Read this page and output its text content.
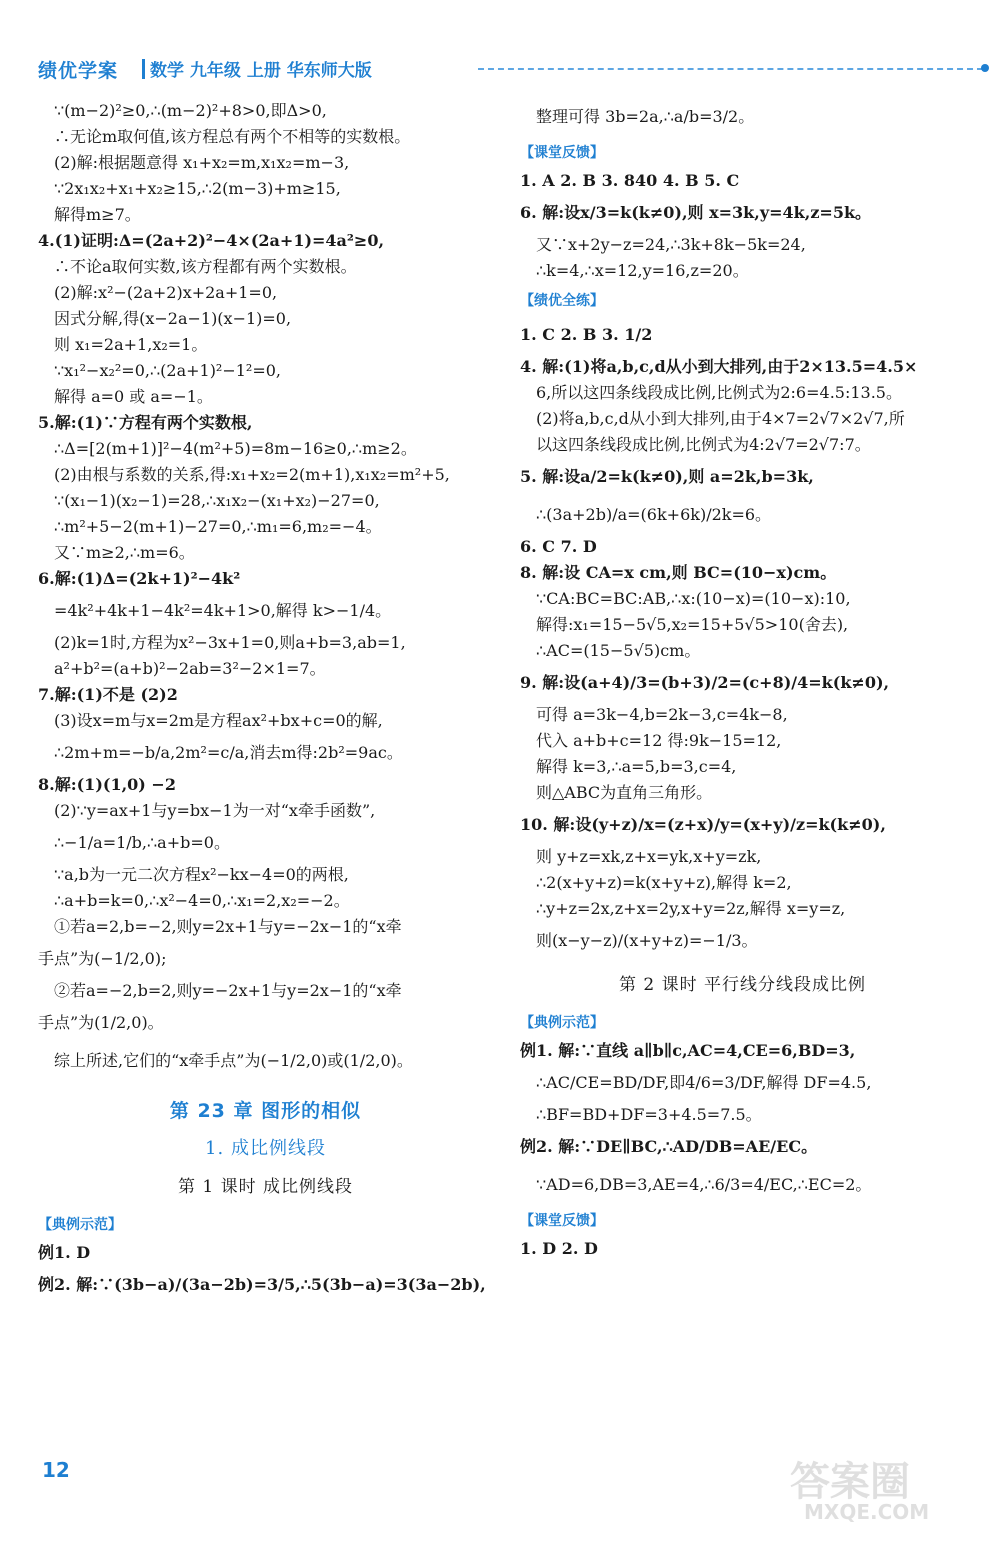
绩优学案 数学 九年级 上册 华东师大版
∵(m−2)²≥0,∴(m−2)²+8>0,即Δ>0,
∴无论m取何值,该方程总有两个不相等的实数根。
(2)解:根据题意得 x₁+x₂=m,x₁x₂=m−3,
∵2x₁x₂+x₁+x₂≥15,∴2(m−3)+m≥15,
解得m≥7。
4.(1)证明:Δ=(2a+2)²−4×(2a+1)=4a²≥0,
∴不论a取何实数,该方程都有两个实数根。
(2)解:x²−(2a+2)x+2a+1=0,
因式分解,得(x−2a−1)(x−1)=0,
则 x₁=2a+1,x₂=1。
∵x₁²−x₂²=0,∴(2a+1)²−1²=0,
解得 a=0 或 a=−1。
5.解:(1)∵方程有两个实数根,
∴Δ=[2(m+1)]²−4(m²+5)=8m−16≥0,∴m≥2。
(2)由根与系数的关系,得:x₁+x₂=2(m+1),x₁x₂=m²+5,
∵(x₁−1)(x₂−1)=28,∴x₁x₂−(x₁+x₂)−27=0,
∴m²+5−2(m+1)−27=0,∴m₁=6,m₂=−4。
又∵m≥2,∴m=6。
6.解:(1)Δ=(2k+1)²−4k²
=4k²+4k+1−4k²=4k+1>0,解得 k>−1/4。
(2)k=1时,方程为x²−3x+1=0,则a+b=3,ab=1,
a²+b²=(a+b)²−2ab=3²−2×1=7。
7.解:(1)不是 (2)2
(3)设x=m与x=2m是方程ax²+bx+c=0的解,
∴2m+m=−b/a,2m²=c/a,消去m得:2b²=9ac。
8.解:(1)(1,0) −2
(2)∵y=ax+1与y=bx−1为一对“x牵手函数”,
∴−1/a=1/b,∴a+b=0。
∵a,b为一元二次方程x²−kx−4=0的两根,
∴a+b=k=0,∴x²−4=0,∴x₁=2,x₂=−2。
①若a=2,b=−2,则y=2x+1与y=−2x−1的“x牵
手点”为(−1/2,0);
②若a=−2,b=2,则y=−2x+1与y=2x−1的“x牵
手点”为(1/2,0)。
综上所述,它们的“x牵手点”为(−1/2,0)或(1/2,0)。
第 23 章 图形的相似
1. 成比例线段
第 1 课时 成比例线段
【典例示范】
例1. D
例2. 解:∵(3b−a)/(3a−2b)=3/5,∴5(3b−a)=3(3a−2b),
整理可得 3b=2a,∴a/b=3/2。
【课堂反馈】
1. A 2. B 3. 840 4. B 5. C
6. 解:设x/3=k(k≠0),则 x=3k,y=4k,z=5k。
又∵x+2y−z=24,∴3k+8k−5k=24,
∴k=4,∴x=12,y=16,z=20。
【绩优全练】
1. C 2. B 3. 1/2
4. 解:(1)将a,b,c,d从小到大排列,由于2×13.5=4.5×
6,所以这四条线段成比例,比例式为2:6=4.5:13.5。
(2)将a,b,c,d从小到大排列,由于4×7=2√7×2√7,所
以这四条线段成比例,比例式为4:2√7=2√7:7。
5. 解:设a/2=k(k≠0),则 a=2k,b=3k,
∴(3a+2b)/a=(6k+6k)/2k=6。
6. C 7. D
8. 解:设 CA=x cm,则 BC=(10−x)cm。
∵CA:BC=BC:AB,∴x:(10−x)=(10−x):10,
解得:x₁=15−5√5,x₂=15+5√5>10(舍去),
∴AC=(15−5√5)cm。
9. 解:设(a+4)/3=(b+3)/2=(c+8)/4=k(k≠0),
可得 a=3k−4,b=2k−3,c=4k−8,
代入 a+b+c=12 得:9k−15=12,
解得 k=3,∴a=5,b=3,c=4,
则△ABC为直角三角形。
10. 解:设(y+z)/x=(z+x)/y=(x+y)/z=k(k≠0),
则 y+z=xk,z+x=yk,x+y=zk,
∴2(x+y+z)=k(x+y+z),解得 k=2,
∴y+z=2x,z+x=2y,x+y=2z,解得 x=y=z,
则(x−y−z)/(x+y+z)=−1/3。
第 2 课时 平行线分线段成比例
【典例示范】
例1. 解:∵直线 a∥b∥c,AC=4,CE=6,BD=3,
∴AC/CE=BD/DF,即4/6=3/DF,解得 DF=4.5,
∴BF=BD+DF=3+4.5=7.5。
例2. 解:∵DE∥BC,∴AD/DB=AE/EC。
∵AD=6,DB=3,AE=4,∴6/3=4/EC,∴EC=2。
【课堂反馈】
1. D 2. D
12	答案圈
MXQE.COM
